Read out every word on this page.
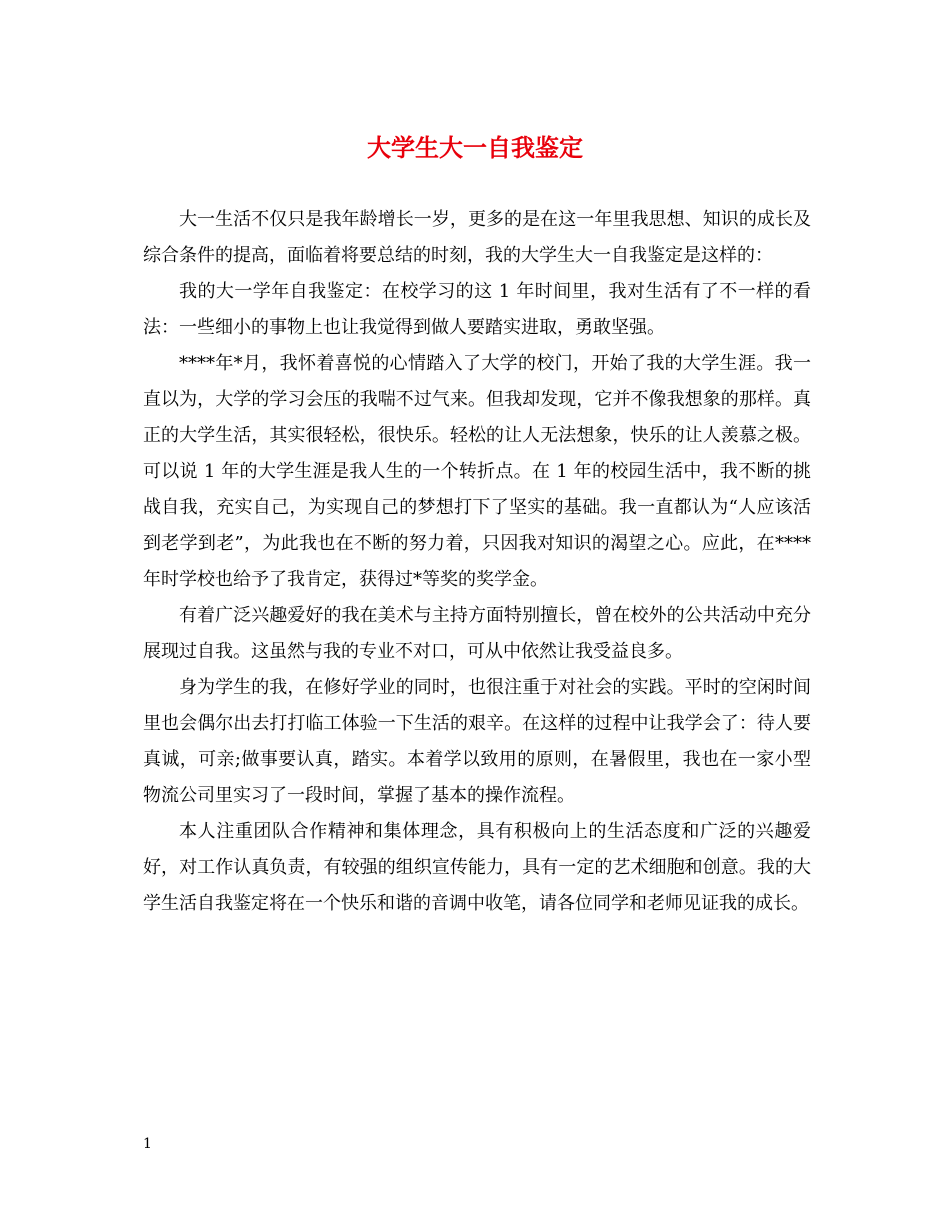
大学生大一自我鉴定

大一生活不仅只是我年龄增长一岁，更多的是在这一年里我思想、知识的成长及综合条件的提高，面临着将要总结的时刻，我的大学生大一自我鉴定是这样的：

我的大一学年自我鉴定：在校学习的这 1 年时间里，我对生活有了不一样的看法：一些细小的事物上也让我觉得到做人要踏实进取，勇敢坚强。

****年*月，我怀着喜悦的心情踏入了大学的校门，开始了我的大学生涯。我一直以为，大学的学习会压的我喘不过气来。但我却发现，它并不像我想象的那样。真正的大学生活，其实很轻松，很快乐。轻松的让人无法想象，快乐的让人羡慕之极。可以说 1 年的大学生涯是我人生的一个转折点。在 1 年的校园生活中，我不断的挑战自我，充实自己，为实现自己的梦想打下了坚实的基础。我一直都认为“人应该活到老学到老”，为此我也在不断的努力着，只因我对知识的渴望之心。应此，在****年时学校也给予了我肯定，获得过*等奖的奖学金。

有着广泛兴趣爱好的我在美术与主持方面特别擅长，曾在校外的公共活动中充分展现过自我。这虽然与我的专业不对口，可从中依然让我受益良多。

身为学生的我，在修好学业的同时，也很注重于对社会的实践。平时的空闲时间里也会偶尔出去打打临工体验一下生活的艰辛。在这样的过程中让我学会了：待人要真诚，可亲;做事要认真，踏实。本着学以致用的原则，在暑假里，我也在一家小型物流公司里实习了一段时间，掌握了基本的操作流程。

本人注重团队合作精神和集体理念，具有积极向上的生活态度和广泛的兴趣爱好，对工作认真负责，有较强的组织宣传能力，具有一定的艺术细胞和创意。我的大学生活自我鉴定将在一个快乐和谐的音调中收笔，请各位同学和老师见证我的成长。

1
